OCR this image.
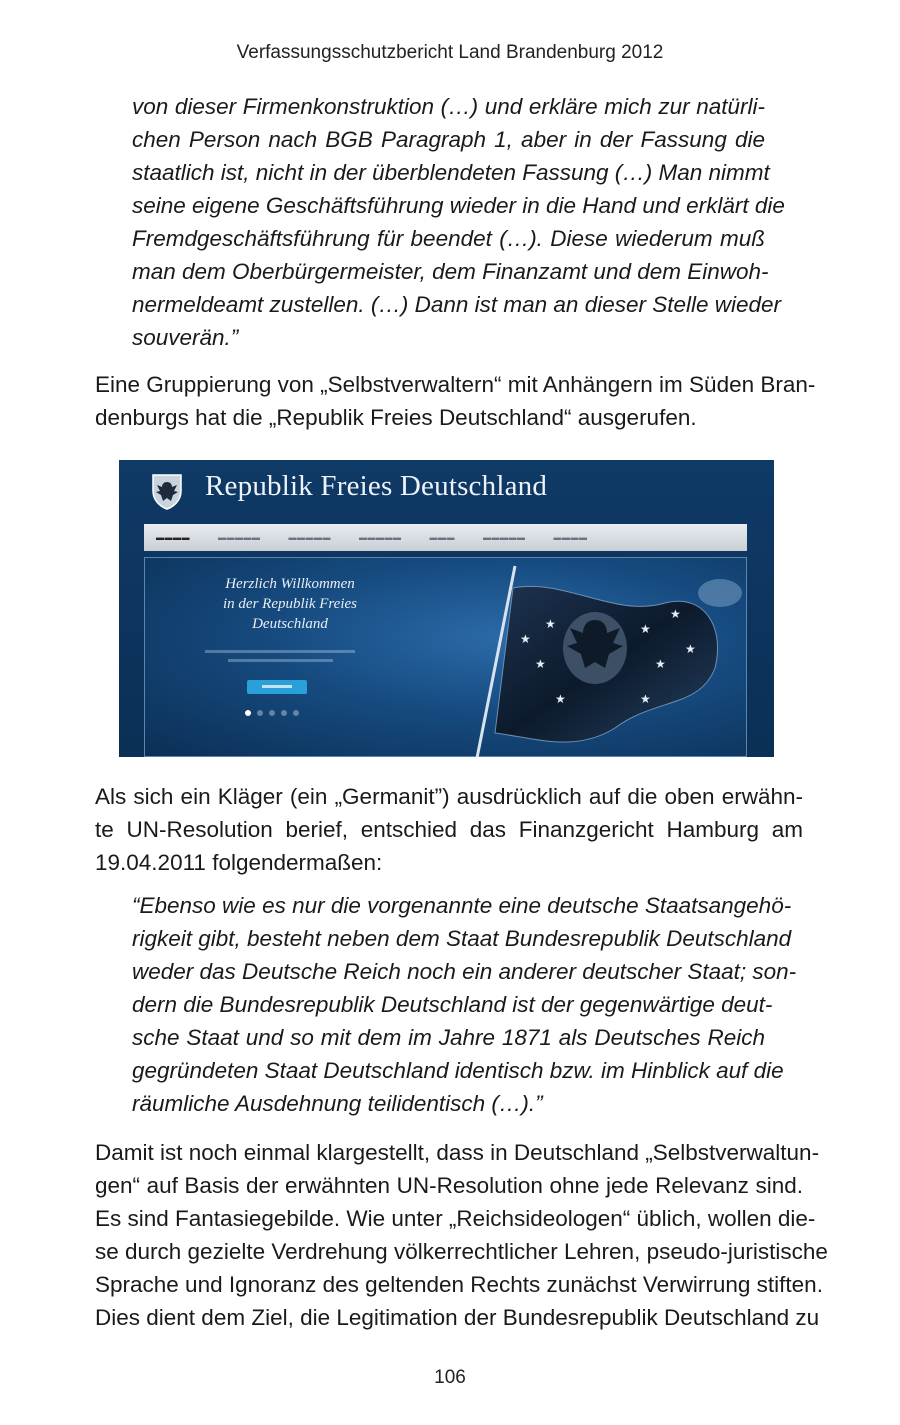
Verfassungsschutzbericht Land Brandenburg 2012
von dieser Firmenkonstruktion (…) und erkläre mich zur natürli-
chen Person nach BGB Paragraph 1, aber in der Fassung die
staatlich ist, nicht in der überblendeten Fassung (…) Man nimmt
seine eigene Geschäftsführung wieder in die Hand und erklärt die
Fremdgeschäftsführung für beendet (…). Diese wiederum muß
man dem Oberbürgermeister, dem Finanzamt und dem Einwoh-
nermeldeamt zustellen. (…) Dann ist man an dieser Stelle wieder
souverän.”

Eine Gruppierung von „Selbstverwaltern“ mit Anhängern im Süden Bran-
denburgs hat die „Republik Freies Deutschland“ ausgerufen.

Republik Freies Deutschland
▬▬▬▬	▬▬▬▬▬	▬▬▬▬▬	▬▬▬▬▬	▬▬▬	▬▬▬▬▬	▬▬▬▬
Herzlich Willkommen
in der Republik Freies
Deutschland	★
★
★
★
★
★
★
★
★

Als sich ein Kläger (ein „Germanit”) ausdrücklich auf die oben erwähn-
te UN-Resolution berief, entschied das Finanzgericht Hamburg am
19.04.2011 folgendermaßen:

“Ebenso wie es nur die vorgenannte eine deutsche Staatsangehö-
rigkeit gibt, besteht neben dem Staat Bundesrepublik Deutschland
weder das Deutsche Reich noch ein anderer deutscher Staat; son-
dern die Bundesrepublik Deutschland ist der gegenwärtige deut-
sche Staat und so mit dem im Jahre 1871 als Deutsches Reich
gegründeten Staat Deutschland identisch bzw. im Hinblick auf die
räumliche Ausdehnung teilidentisch (…).”

Damit ist noch einmal klargestellt, dass in Deutschland „Selbstverwaltun-
gen“ auf Basis der erwähnten UN-Resolution ohne jede Relevanz sind.
Es sind Fantasiegebilde. Wie unter „Reichsideologen“ üblich, wollen die-
se durch gezielte Verdrehung völkerrechtlicher Lehren, pseudo-juristische
Sprache und Ignoranz des geltenden Rechts zunächst Verwirrung stiften.
Dies dient dem Ziel, die Legitimation der Bundesrepublik Deutschland zu

106
